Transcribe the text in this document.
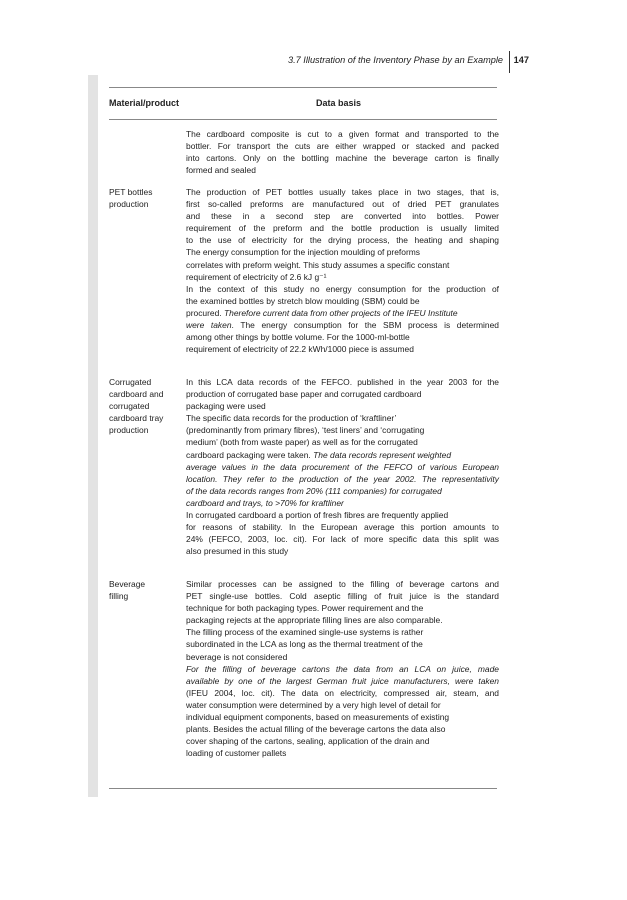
3.7 Illustration of the Inventory Phase by an Example 147
Material/product	Data basis
The cardboard composite is cut to a given format and transported to the
bottler. For transport the cuts are either wrapped or stacked and packed
into cartons. Only on the bottling machine the beverage carton is finally
formed and sealed
PET bottles
production
The production of PET bottles usually takes place in two stages, that is,
first so-called preforms are manufactured out of dried PET granulates
and these in a second step are converted into bottles. Power
requirement of the preform and the bottle production is usually limited
to the use of electricity for the drying process, the heating and shaping
The energy consumption for the injection moulding of preforms
correlates with preform weight. This study assumes a specific constant
requirement of electricity of 2.6 kJ g⁻¹
In the context of this study no energy consumption for the production of
the examined bottles by stretch blow moulding (SBM) could be
procured. Therefore current data from other projects of the IFEU Institute
were taken. The energy consumption for the SBM process is determined
among other things by bottle volume. For the 1000-ml-bottle
requirement of electricity of 22.2 kWh/1000 piece is assumed
Corrugated
cardboard and
corrugated
cardboard tray
production
In this LCA data records of the FEFCO. published in the year 2003 for the
production of corrugated base paper and corrugated cardboard
packaging were used
The specific data records for the production of ‘kraftliner’
(predominantly from primary fibres), ‘test liners’ and ‘corrugating
medium’ (both from waste paper) as well as for the corrugated
cardboard packaging were taken. The data records represent weighted
average values in the data procurement of the FEFCO of various European
location. They refer to the production of the year 2002. The representativity
of the data records ranges from 20% (111 companies) for corrugated
cardboard and trays, to >70% for kraftliner
In corrugated cardboard a portion of fresh fibres are frequently applied
for reasons of stability. In the European average this portion amounts to
24% (FEFCO, 2003, loc. cit). For lack of more specific data this split was
also presumed in this study
Beverage
filling
Similar processes can be assigned to the filling of beverage cartons and
PET single-use bottles. Cold aseptic filling of fruit juice is the standard
technique for both packaging types. Power requirement and the
packaging rejects at the appropriate filling lines are also comparable.
The filling process of the examined single-use systems is rather
subordinated in the LCA as long as the thermal treatment of the
beverage is not considered
For the filling of beverage cartons the data from an LCA on juice, made
available by one of the largest German fruit juice manufacturers, were taken
(IFEU 2004, loc. cit). The data on electricity, compressed air, steam, and
water consumption were determined by a very high level of detail for
individual equipment components, based on measurements of existing
plants. Besides the actual filling of the beverage cartons the data also
cover shaping of the cartons, sealing, application of the drain and
loading of customer pallets
